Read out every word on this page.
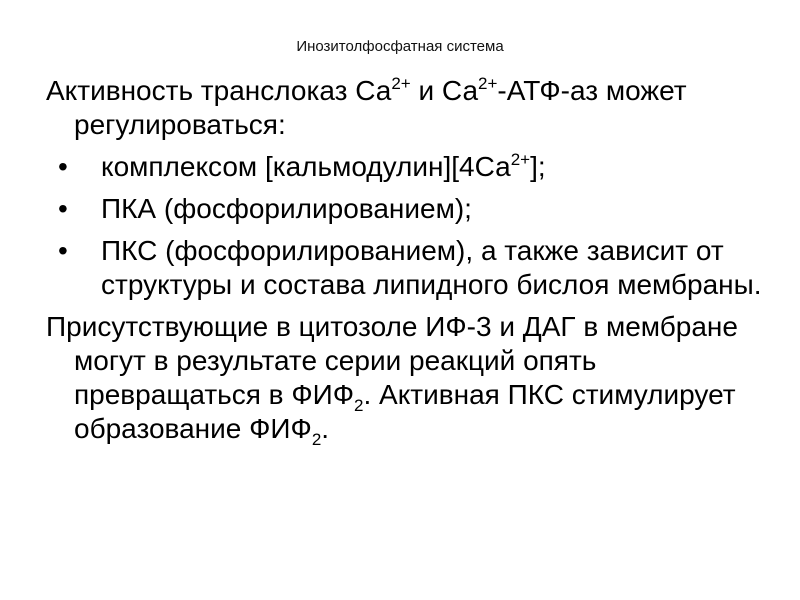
Инозитолфосфатная система

Активность транслоказ $Са^{2+}$ и $Са^{2+}-АТФ-аз$ может регулироваться:

•	комплексом $[кальмодулин][4Са^{2+}]$;
•	ПКА (фосфорилированием);
•	ПКС (фосфорилированием), а также зависит от структуры и состава липидного бислоя мембраны.

Присутствующие в цитозоле ИФ-3 и ДАГ в мембране могут в результате серии реакций опять превращаться в $ФИФ_2$. Активная ПКС стимулирует образование $ФИФ_2$.
